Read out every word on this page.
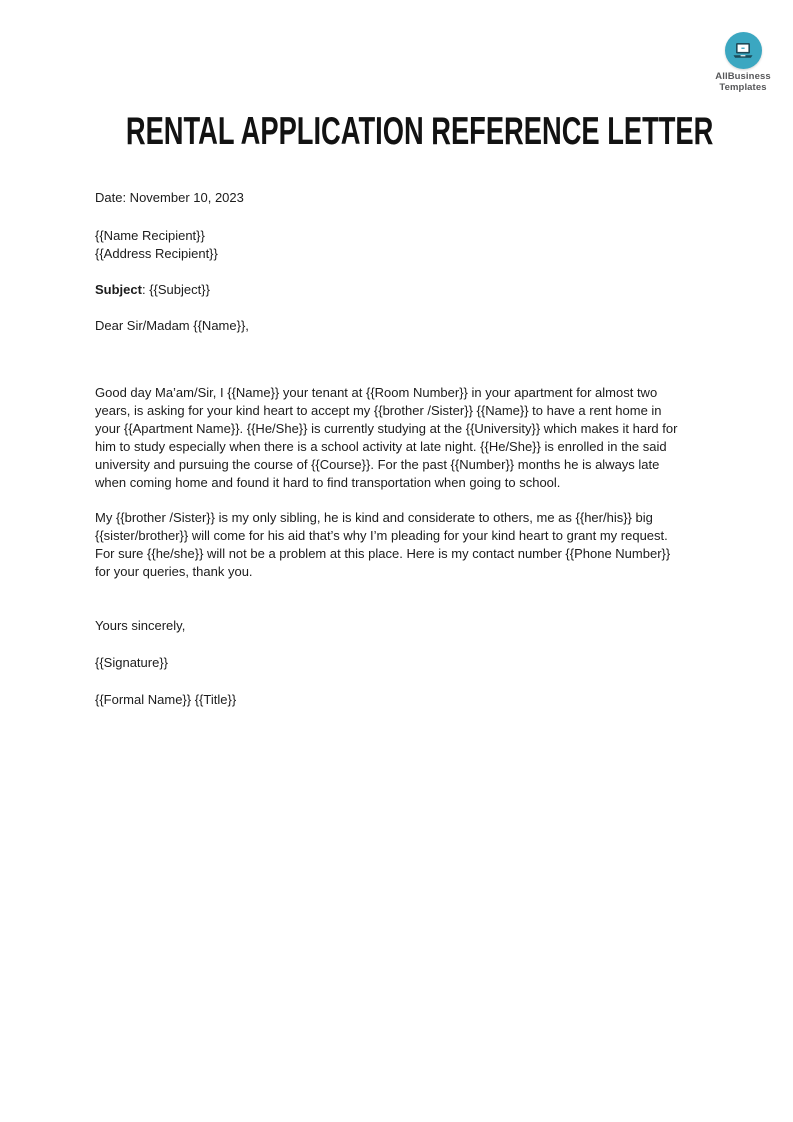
AllBusiness
Templates
RENTAL APPLICATION REFERENCE LETTER
Date: November 10, 2023
{{Name Recipient}}
{{Address Recipient}}
Subject: {{Subject}}
Dear Sir/Madam {{Name}},
Good day Ma’am/Sir, I {{Name}} your tenant at {{Room Number}} in your apartment for almost two years, is asking for your kind heart to accept my {{brother /Sister}} {{Name}} to have a rent home in your {{Apartment Name}}. {{He/She}} is currently studying at the {{University}} which makes it hard for him to study especially when there is a school activity at late night. {{He/She}} is enrolled in the said university and pursuing the course of {{Course}}. For the past {{Number}} months he is always late when coming home and found it hard to find transportation when going to school.
My {{brother /Sister}} is my only sibling, he is kind and considerate to others, me as {{her/his}} big {{sister/brother}} will come for his aid that’s why I’m pleading for your kind heart to grant my request. For sure {{he/she}} will not be a problem at this place. Here is my contact number {{Phone Number}} for your queries, thank you.
Yours sincerely,
{{Signature}}
{{Formal Name}} {{Title}}
